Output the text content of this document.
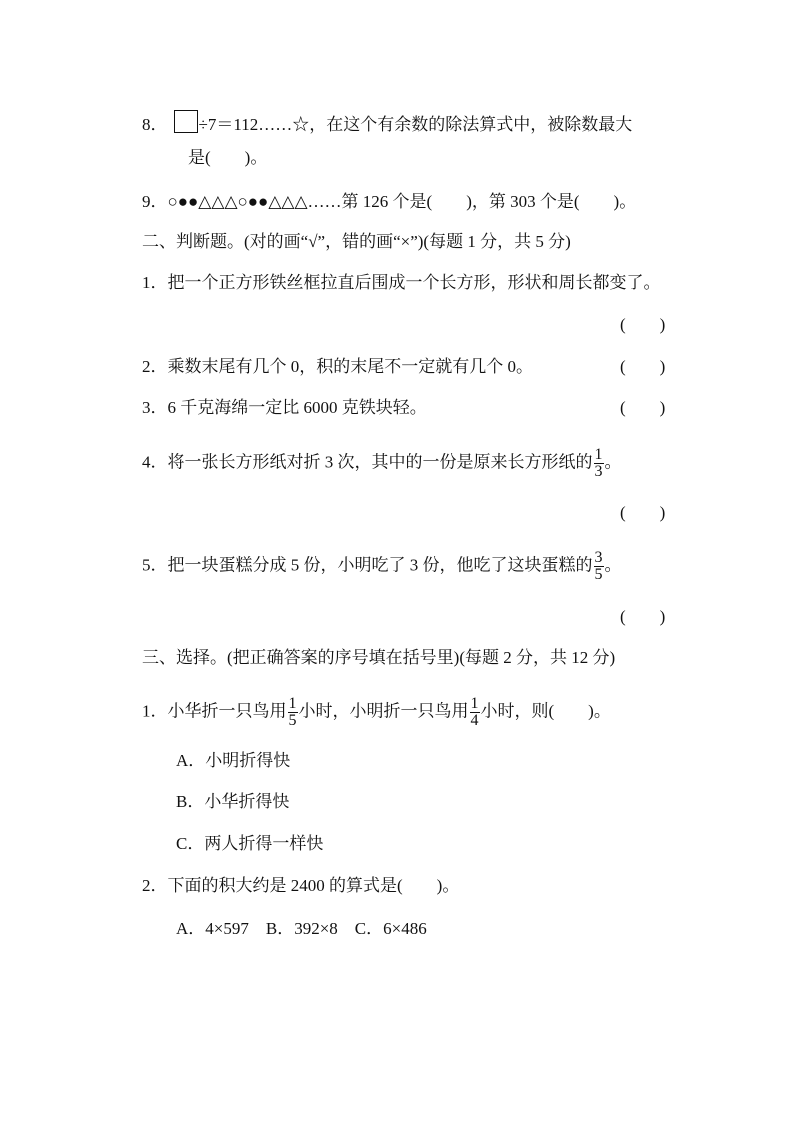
8． ÷7＝112……☆，在这个有余数的除法算式中，被除数最大
是(　　)。
9．○●●△△△○●●△△△……第 126 个是(　　)，第 303 个是(　　)。
二、判断题。(对的画“√”，错的画“×”)(每题 1 分，共 5 分)
1．把一个正方形铁丝框拉直后围成一个长方形，形状和周长都变了。
(　　)
2．乘数末尾有几个 0，积的末尾不一定就有几个 0。	(　　)
3．6 千克海绵一定比 6000 克铁块轻。	(　　)
4．将一张长方形纸对折 3 次，其中的一份是原来长方形纸的 $\frac{1}{3}$ 。
(　　)
5．把一块蛋糕分成 5 份，小明吃了 3 份，他吃了这块蛋糕的 $\frac{3}{5}$ 。
(　　)
三、选择。(把正确答案的序号填在括号里)(每题 2 分，共 12 分)
1．小华折一只鸟用 $\frac{1}{5}$ 小时，小明折一只鸟用 $\frac{1}{4}$ 小时，则(　　)。
A．小明折得快
B．小华折得快
C．两人折得一样快
2．下面的积大约是 2400 的算式是(　　)。
A．4×597　B．392×8　C．6×486
